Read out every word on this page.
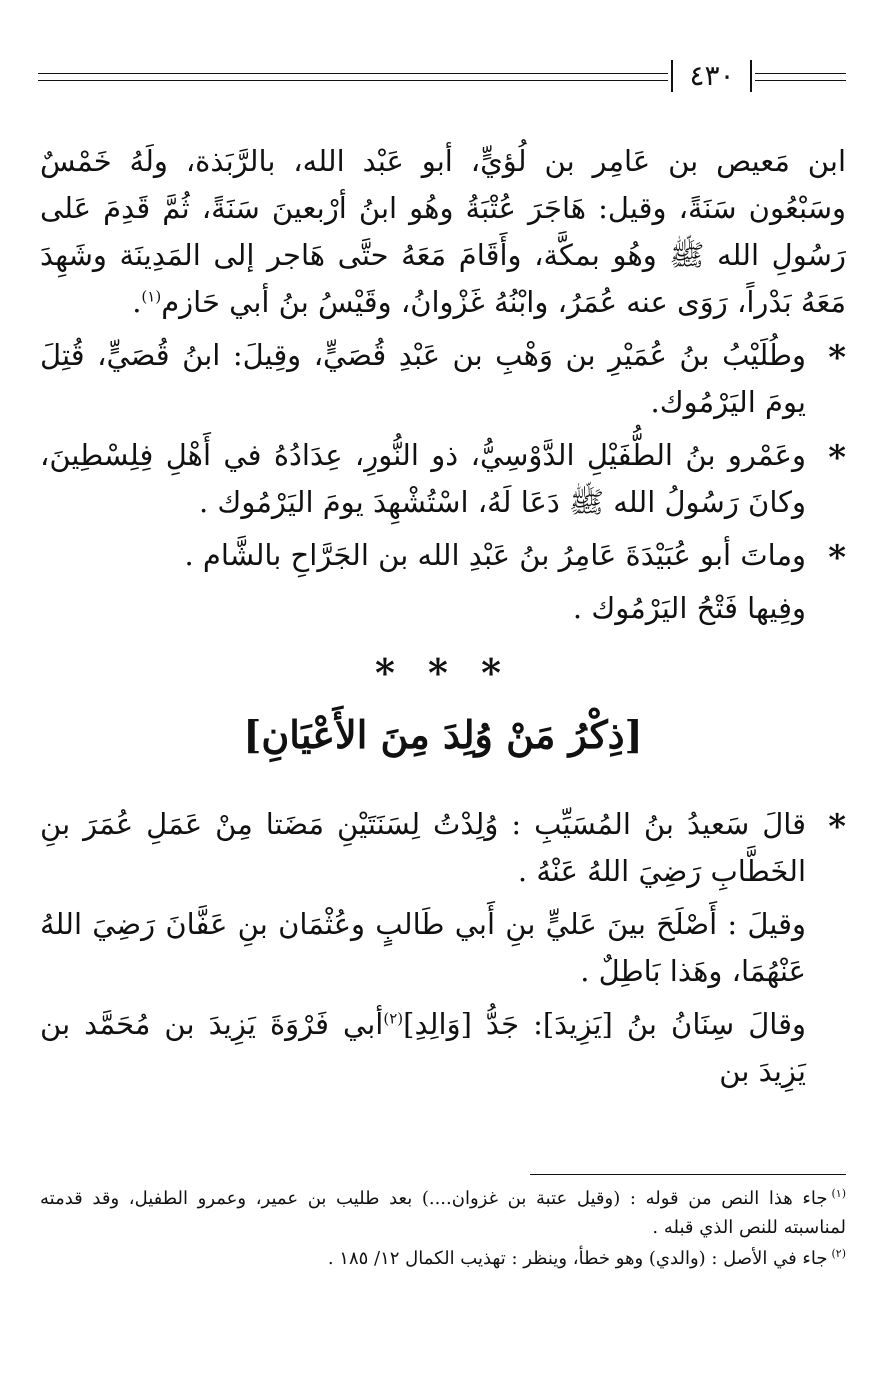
٤٣٠

ابن مَعيص بن عَامِر بن لُؤيٍّ، أبو عَبْد الله، بالرَّبَذة، ولَهُ خَمْسٌ وسَبْعُون سَنَةً، وقيل: هَاجَرَ عُتْبَةُ وهُو ابنُ أرْبعينَ سَنَةً، ثُمَّ قَدِمَ عَلى رَسُولِ الله ﷺ وهُو بمكَّة، وأَقَامَ مَعَهُ حتَّى هَاجر إلى المَدِينَة وشَهِدَ مَعَهُ بَدْراً، رَوَى عنه عُمَرُ، وابْنُهُ غَزْوانُ، وقَيْسُ بنُ أبي حَازم$^{(١)}$.

*
وطُلَيْبُ بنُ عُمَيْرِ بن وَهْبِ بن عَبْدِ قُصَيٍّ، وقِيلَ: ابنُ قُصَيٍّ، قُتِلَ يومَ اليَرْمُوك.

*
وعَمْرو بنُ الطُّفَيْلِ الدَّوْسِيُّ، ذو النُّورِ، عِدَادُهُ في أَهْلِ فِلِسْطِينَ، وكانَ رَسُولُ الله ﷺ دَعَا لَهُ، اسْتُشْهِدَ يومَ اليَرْمُوك .

*
وماتَ أبو عُبَيْدَةَ عَامِرُ بنُ عَبْدِ الله بن الجَرَّاحِ بالشَّام .

وفِيها فَتْحُ اليَرْمُوك .

* * *
[ذِكْرُ مَنْ وُلِدَ مِنَ الأَعْيَانِ]

*
قالَ سَعيدُ بنُ المُسَيِّبِ : وُلِدْتُ لِسَنَتَيْنِ مَضَتا مِنْ عَمَلِ عُمَرَ بنِ الخَطَّابِ رَضِيَ اللهُ عَنْهُ .

وقيلَ : أَصْلَحَ بينَ عَليٍّ بنِ أَبي طَالبٍ وعُثْمَان بنِ عَفَّانَ رَضِيَ اللهُ عَنْهُمَا، وهَذا بَاطِلٌ .

وقالَ سِنَانُ بنُ [يَزِيدَ]: جَدُّ [وَالِدِ]$^{(٢)}$أبي فَرْوَةَ يَزِيدَ بن مُحَمَّد بن يَزِيدَ بن

$^{(١)}$جاء هذا النص من قوله : (وقيل عتبة بن غزوان....) بعد طليب بن عمير، وعمرو الطفيل، وقد قدمته لمناسبته للنص الذي قبله .

$^{(٢)}$جاء في الأصل : (والدي) وهو خطأ، وينظر : تهذيب الكمال ١٢/ ١٨٥ .
